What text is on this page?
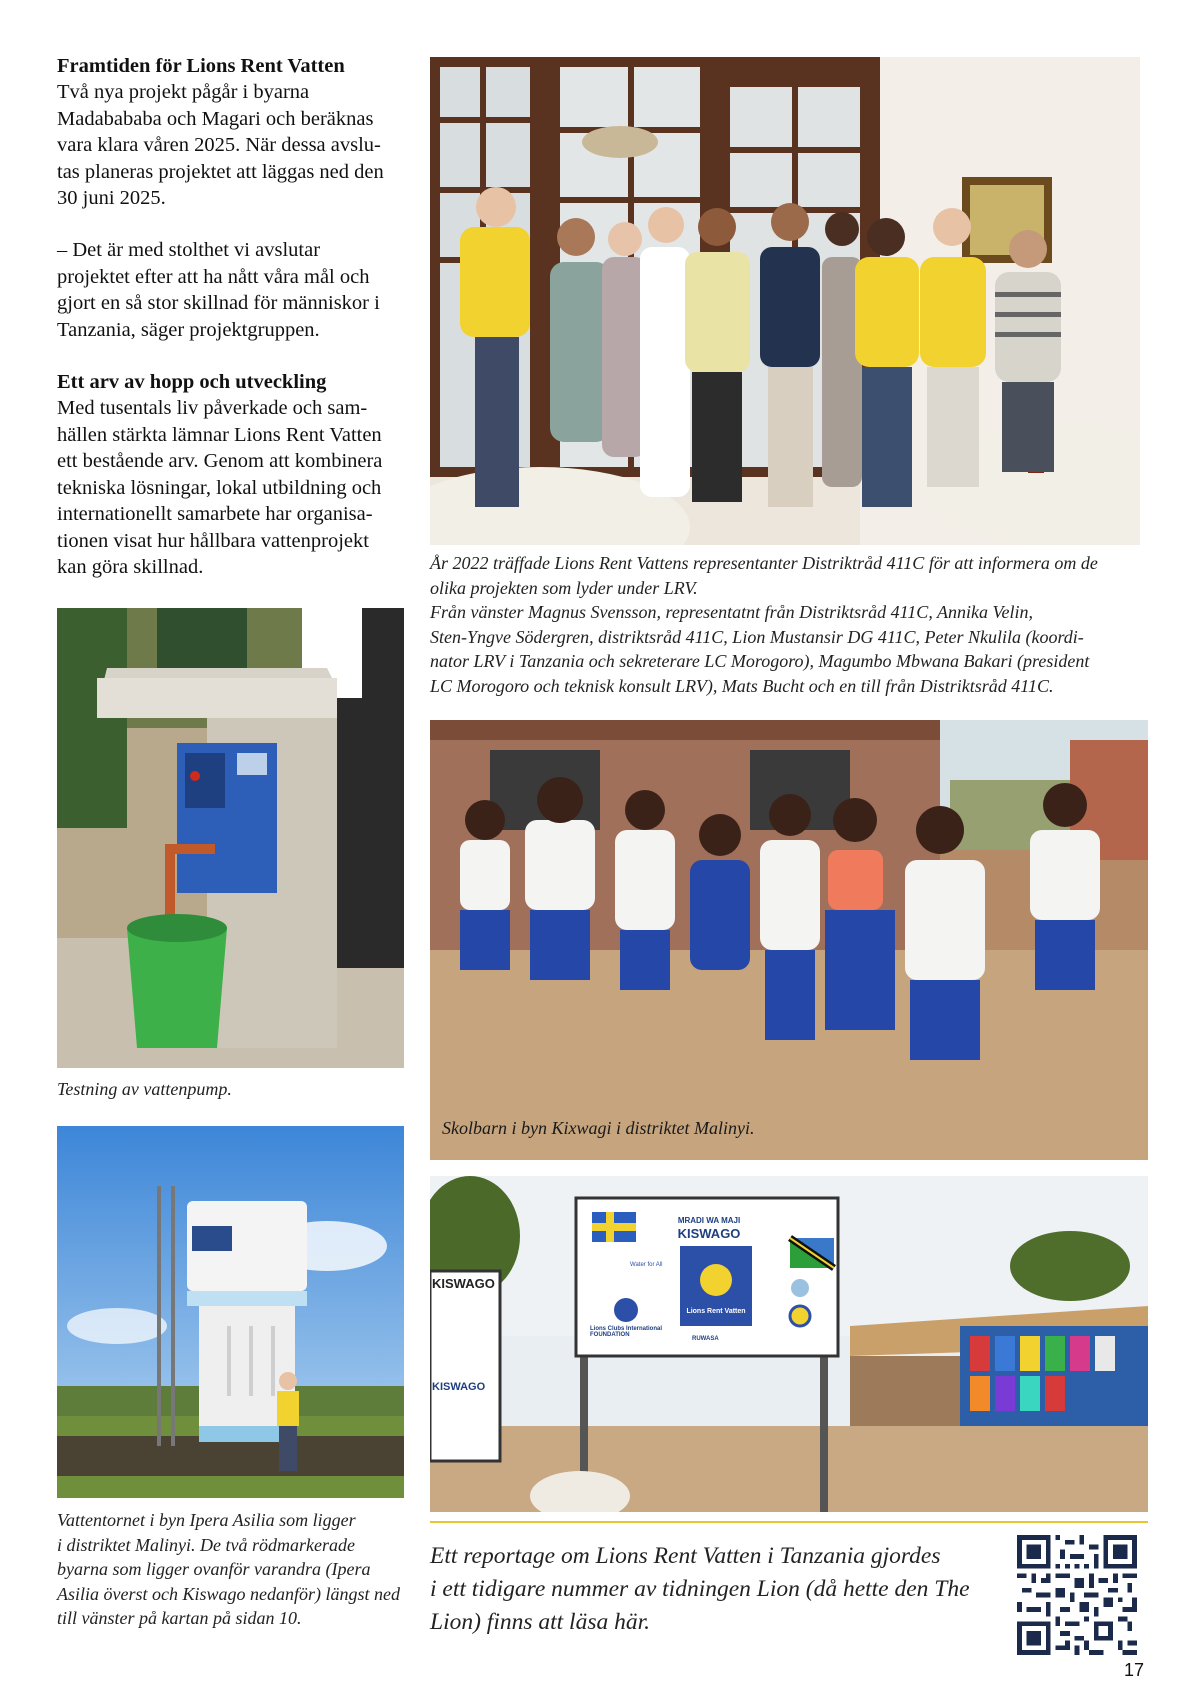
Framtiden för Lions Rent Vatten

Två nya projekt pågår i byarna

Madabababa och Magari och beräknas

vara klara våren 2025. När dessa avslu-

tas planeras projektet att läggas ned den

30 juni 2025.

– Det är med stolthet vi avslutar

projektet efter att ha nått våra mål och

gjort en så stor skillnad för människor i

Tanzania, säger projektgruppen.

Ett arv av hopp och utveckling

Med tusentals liv påverkade och sam-

hällen stärkta lämnar Lions Rent Vatten

ett bestående arv. Genom att kombinera

tekniska lösningar, lokal utbildning och

internationellt samarbete har organisa-

tionen visat hur hållbara vattenprojekt

kan göra skillnad.	År 2022 träffade Lions Rent Vattens representanter Distriktråd 411C för att informera om de

olika projekten som lyder under LRV.

Från vänster Magnus Svensson, representatnt från Distriktsråd 411C, Annika Velin,

Sten-Yngve Södergren, distriktsråd 411C, Lion Mustansir DG 411C, Peter Nkulila (koordi-

nator LRV i Tanzania och sekreterare LC Morogoro), Magumbo Mbwana Bakari (president

LC Morogoro och teknisk konsult LRV), Mats Bucht och en till från Distriktsråd 411C.

Testning av vattenpump.
Skolbarn i byn Kixwagi i distriktet Malinyi.

Vattentornet i byn Ipera Asilia som ligger

i distriktet Malinyi. De två rödmarkerade

byarna som ligger ovanför varandra (Ipera

Asilia överst och Kiswago nedanför) längst ned

till vänster på kartan på sidan 10.

MRADI WA MAJI
KISWAGO
Lions Rent Vatten
Water for All
Lions Clubs International FOUNDATION
RUWASA
KISWAGO
KISWAGO
Ett reportage om Lions Rent Vatten i Tanzania gjordes
i ett tidigare nummer av tidningen Lion (då hette den The
Lion) finns att läsa här.
17
